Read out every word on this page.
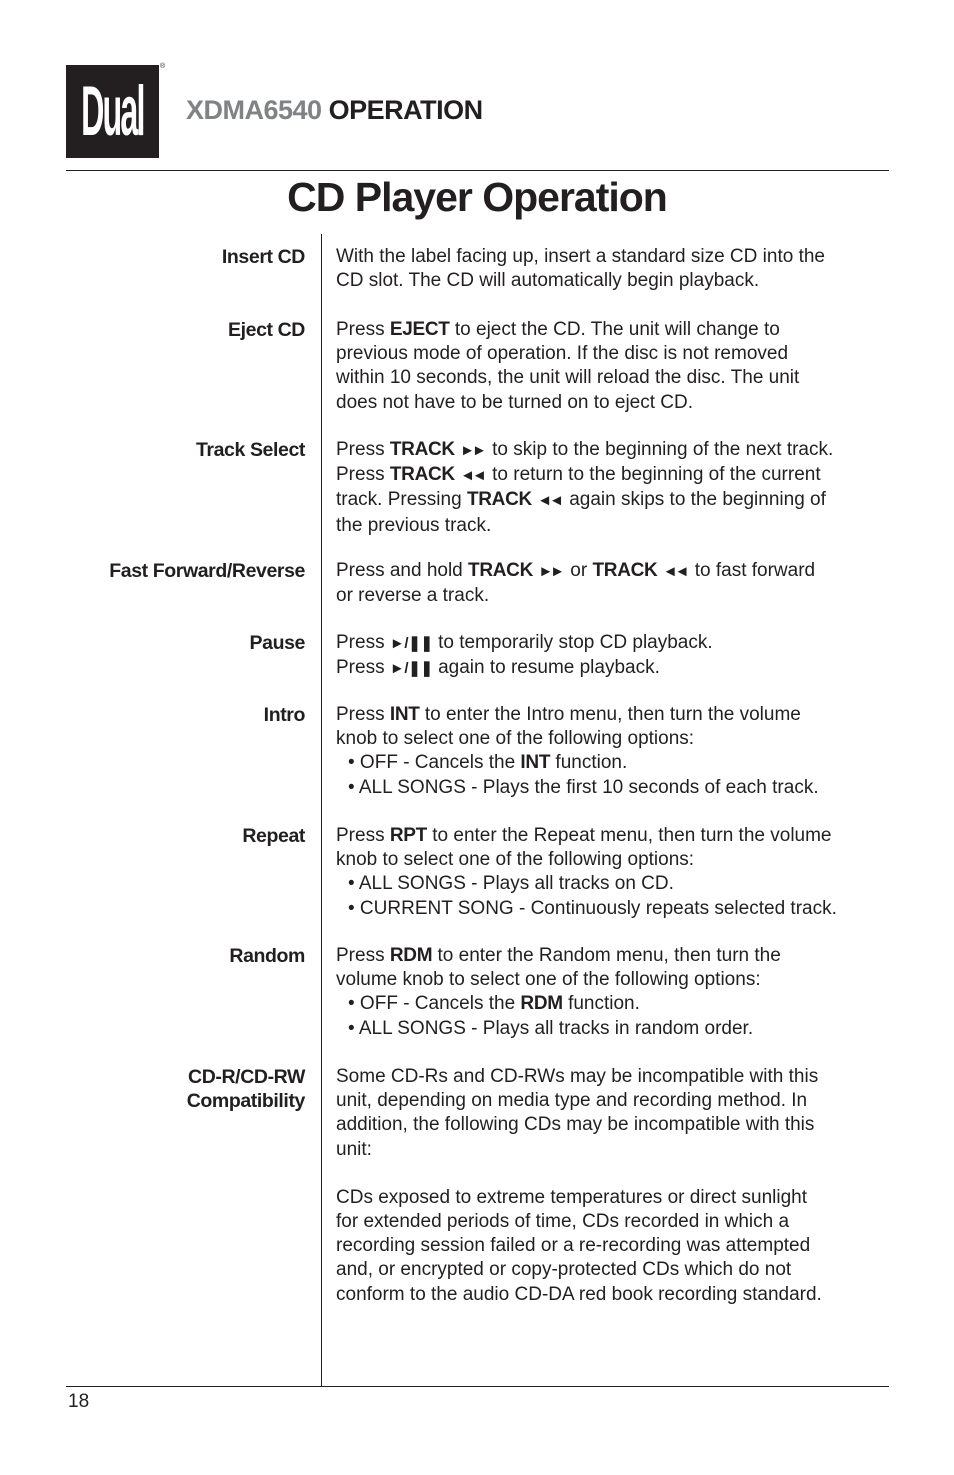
Dual
®
XDMA6540 OPERATION
CD Player Operation
Insert CD With the label facing up, insert a standard size CD into the
CD slot. The CD will automatically begin playback.
Eject CD Press EJECT to eject the CD. The unit will change to
previous mode of operation. If the disc is not removed
within 10 seconds, the unit will reload the disc. The unit
does not have to be turned on to eject CD.
Track Select Press TRACK ►► to skip to the beginning of the next track.
Press TRACK ◄◄ to return to the beginning of the current
track. Pressing TRACK ◄◄ again skips to the beginning of
the previous track.
Fast Forward/Reverse Press and hold TRACK ►► or TRACK ◄◄ to fast forward
or reverse a track.
Pause Press ►/❚❚ to temporarily stop CD playback.
Press ►/❚❚ again to resume playback.
Intro Press INT to enter the Intro menu, then turn the volume
knob to select one of the following options:
• OFF - Cancels the INT function.
• ALL SONGS - Plays the first 10 seconds of each track.
Repeat Press RPT to enter the Repeat menu, then turn the volume
knob to select one of the following options:
• ALL SONGS - Plays all tracks on CD.
• CURRENT SONG - Continuously repeats selected track.
Random Press RDM to enter the Random menu, then turn the
volume knob to select one of the following options:
• OFF - Cancels the RDM function.
• ALL SONGS - Plays all tracks in random order.
CD-R/CD-RW
Compatibility
Some CD-Rs and CD-RWs may be incompatible with this
unit, depending on media type and recording method. In
addition, the following CDs may be incompatible with this
unit:
CDs exposed to extreme temperatures or direct sunlight
for extended periods of time, CDs recorded in which a
recording session failed or a re-recording was attempted
and, or encrypted or copy-protected CDs which do not
conform to the audio CD-DA red book recording standard.
18
